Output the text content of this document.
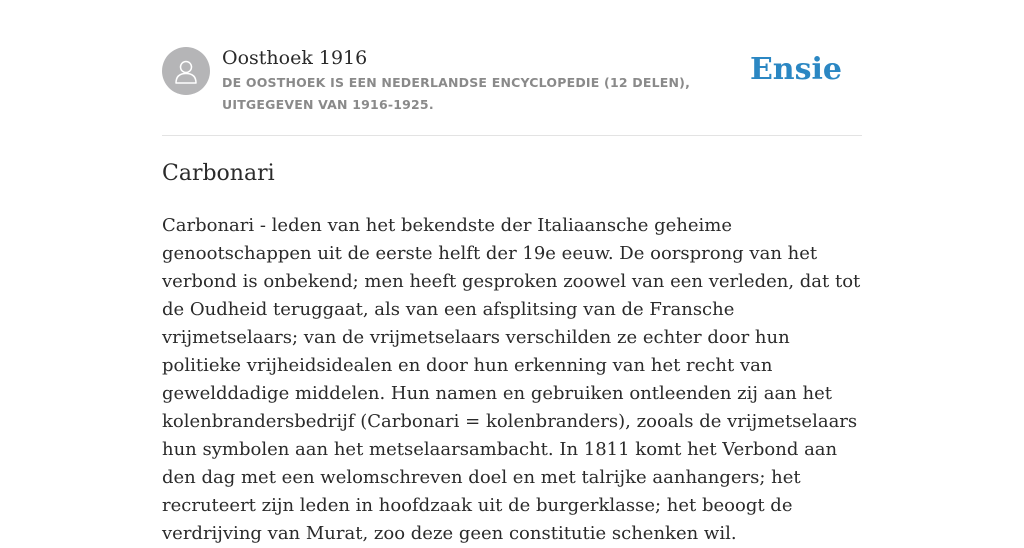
Oosthoek 1916
DE OOSTHOEK IS EEN NEDERLANDSE ENCYCLOPEDIE (12 DELEN), UITGEGEVEN VAN 1916-1925.
Ensie
Carbonari

Carbonari - leden van het bekendste der Italiaansche geheime genootschappen uit de eerste helft der 19e eeuw. De oorsprong van het verbond is onbekend; men heeft gesproken zoowel van een verleden, dat tot de Oudheid teruggaat, als van een afsplitsing van de Fransche vrijmetselaars; van de vrijmetselaars verschilden ze echter door hun politieke vrijheidsidealen en door hun erkenning van het recht van gewelddadige middelen. Hun namen en gebruiken ontleenden zij aan het kolenbrandersbedrijf (Carbonari = kolenbranders), zooals de vrijmetselaars hun symbolen aan het metselaarsambacht. In 1811 komt het Verbond aan den dag met een welomschreven doel en met talrijke aanhangers; het recruteert zijn leden in hoofdzaak uit de burgerklasse; het beoogt de verdrijving van Murat, zoo deze geen constitutie schenken wil.
